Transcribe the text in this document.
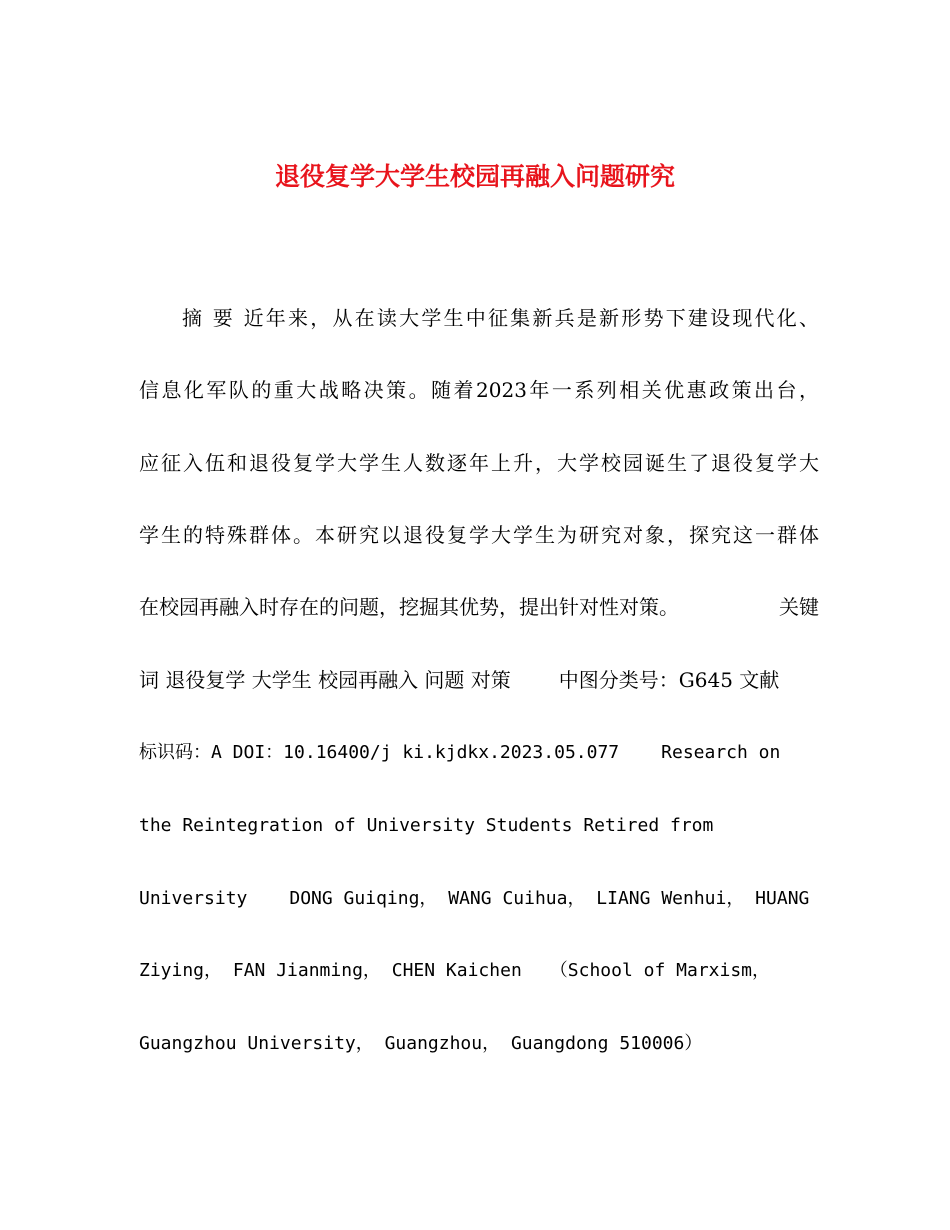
退役复学大学生校园再融入问题研究
摘 要 近年来，从在读大学生中征集新兵是新形势下建设现代化、
信息化军队的重大战略决策。随着2023年一系列相关优惠政策出台，
应征入伍和退役复学大学生人数逐年上升，大学校园诞生了退役复学大
学生的特殊群体。本研究以退役复学大学生为研究对象，探究这一群体
在校园再融入时存在的问题，挖掘其优势，提出针对性对策。	关键
词 退役复学 大学生 校园再融入 问题 对策 中图分类号：G645 文献
标识码：A DOI：10.16400/j ki.kjdkx.2023.05.077 Research on
the Reintegration of University Students Retired from
University DONG Guiqing， WANG Cuihua， LIANG Wenhui， HUANG
Ziying， FAN Jianming， CHEN Kaichen （School of Marxism，
Guangzhou University， Guangzhou， Guangdong 510006）
